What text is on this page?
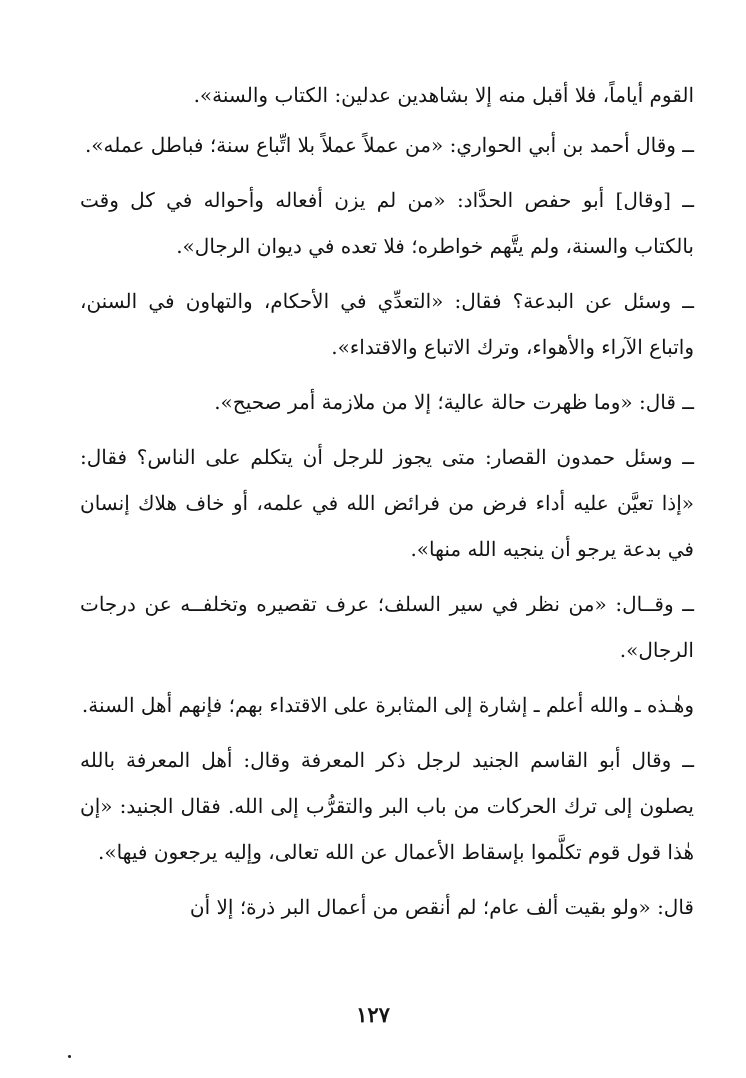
القوم أياماً، فلا أقبل منه إلا بشاهدين عدلين: الكتاب والسنة».

ــ وقال أحمد بن أبي الحواري: «من عملاً عملاً بلا اتِّباع سنة؛ فباطل عمله».

ــ [وقال] أبو حفص الحدَّاد: «من لم يزن أفعاله وأحواله في كل وقت بالكتاب والسنة، ولم يتَّهم خواطره؛ فلا تعده في ديوان الرجال».

ــ وسئل عن البدعة؟ فقال: «التعدِّي في الأحكام، والتهاون في السنن، واتباع الآراء والأهواء، وترك الاتباع والاقتداء».

ــ قال: «وما ظهرت حالة عالية؛ إلا من ملازمة أمر صحيح».

ــ وسئل حمدون القصار: متى يجوز للرجل أن يتكلم على الناس؟ فقال: «إذا تعيَّن عليه أداء فرض من فرائض الله في علمه، أو خاف هلاك إنسان في بدعة يرجو أن ينجيه الله منها».

ــ وقــال: «من نظر في سير السلف؛ عرف تقصيره وتخلفــه عن درجات الرجال».

وهٰـذه ـ والله أعلم ـ إشارة إلى المثابرة على الاقتداء بهم؛ فإنهم أهل السنة.

ــ وقال أبو القاسم الجنيد لرجل ذكر المعرفة وقال: أهل المعرفة بالله يصلون إلى ترك الحركات من باب البر والتقرُّب إلى الله. فقال الجنيد: «إن هٰذا قول قوم تكلَّموا بإسقاط الأعمال عن الله تعالى، وإليه يرجعون فيها».

قال: «ولو بقيت ألف عام؛ لم أنقص من أعمال البر ذرة؛ إلا أن

١٢٧
